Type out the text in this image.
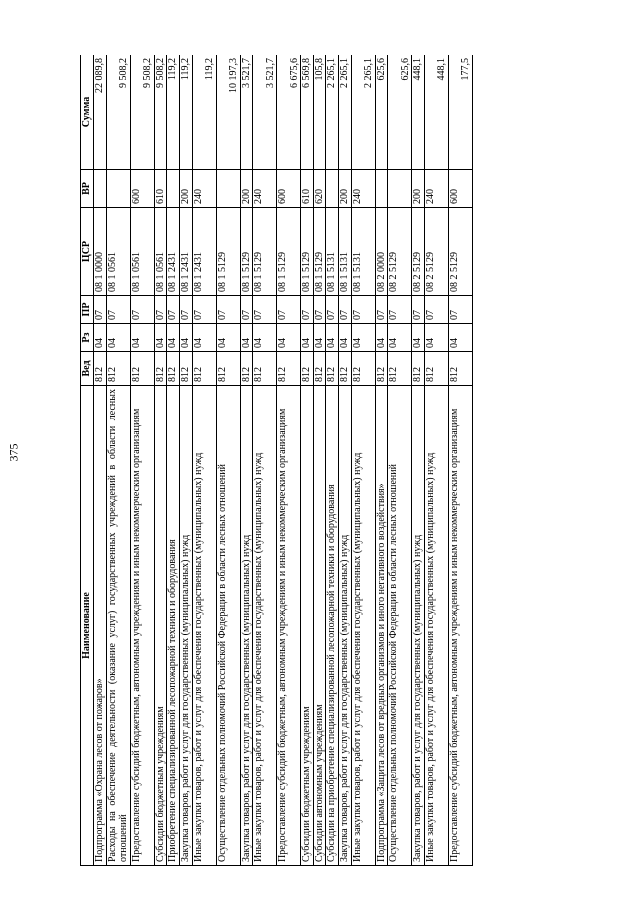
375
Наименование	Вед	Рз	ПР	ЦСР	ВР	Сумма
Подпрограмма «Охрана лесов от пожаров»	812	04	07	08 1 0000		22 089,8
Расходы на обеспечение деятельности (оказание услуг) государственных учреждений в области лесных отношений	812	04	07	08 1 0561		9 508,2
Предоставление субсидий бюджетным, автономным учреждениям и иным некоммерческим организациям	812	04	07	08 1 0561	600	9 508,2
Субсидии бюджетным учреждениям	812	04	07	08 1 0561	610	9 508,2
Приобретение специализированной лесопожарной техники и оборудования	812	04	07	08 1 2431		119,2
Закупка товаров, работ и услуг для государственных (муниципальных) нужд	812	04	07	08 1 2431	200	119,2
Иные закупки товаров, работ и услуг для обеспечения государственных (муниципальных) нужд	812	04	07	08 1 2431	240	119,2
Осуществление отдельных полномочий Российской Федерации в области лесных отношений	812	04	07	08 1 5129		10 197,3
Закупка товаров, работ и услуг для государственных (муниципальных) нужд	812	04	07	08 1 5129	200	3 521,7
Иные закупки товаров, работ и услуг для обеспечения государственных (муниципальных) нужд	812	04	07	08 1 5129	240	3 521,7
Предоставление субсидий бюджетным, автономным учреждениям и иным некоммерческим организациям	812	04	07	08 1 5129	600	6 675,6
Субсидии бюджетным учреждениям	812	04	07	08 1 5129	610	6 569,8
Субсидии автономным учреждениям	812	04	07	08 1 5129	620	105,8
Субсидии на приобретение специализированной лесопожарной техники и оборудования	812	04	07	08 1 5131		2 265,1
Закупка товаров, работ и услуг для государственных (муниципальных) нужд	812	04	07	08 1 5131	200	2 265,1
Иные закупки товаров, работ и услуг для обеспечения государственных (муниципальных) нужд	812	04	07	08 1 5131	240	2 265,1
Подпрограмма «Защита лесов от вредных организмов и иного негативного воздействия»	812	04	07	08 2 0000		625,6
Осуществление отдельных полномочий Российской Федерации в области лесных отношений	812	04	07	08 2 5129		625,6
Закупка товаров, работ и услуг для государственных (муниципальных) нужд	812	04	07	08 2 5129	200	448,1
Иные закупки товаров, работ и услуг для обеспечения государственных (муниципальных) нужд	812	04	07	08 2 5129	240	448,1
Предоставление субсидий бюджетным, автономным учреждениям и иным некоммерческим организациям	812	04	07	08 2 5129	600	177,5
